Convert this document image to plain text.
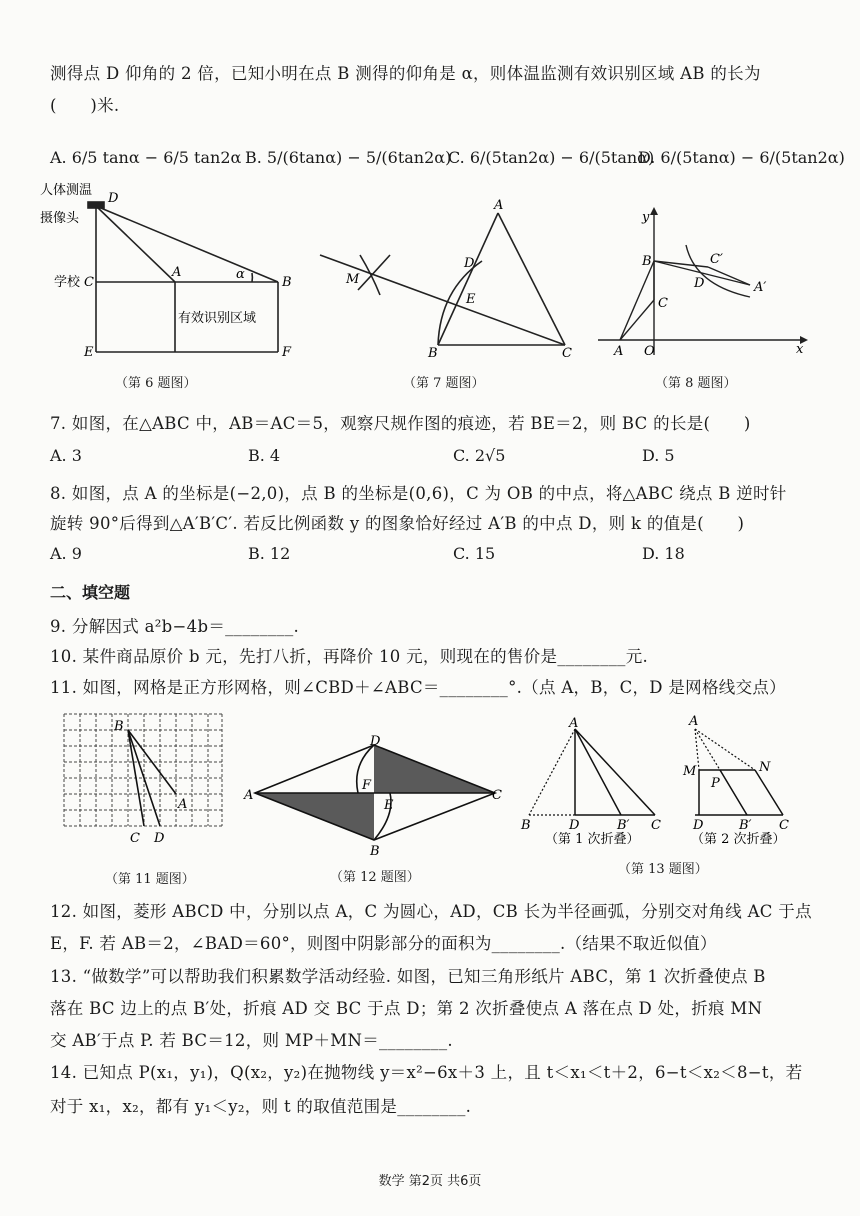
测得点 D 仰角的 2 倍，已知小明在点 B 测得的仰角是 α，则体温监测有效识别区域 AB 的长为
(　　)米.
A. 6/5 tanα − 6/5 tan2α B. 5/(6tanα) − 5/(6tan2α)
C. 6/(5tan2α) − 6/(5tanα)
D. 6/(5tanα) − 6/(5tan2α)
人体测温
摄像头
学校
D
C
A
B
E	F
α
有效识别区域
（第 6 题图）
A
B	C
D
E
M
（第 7 题图）
y
x
B
C
C′
D	A′
A O
（第 8 题图）
7. 如图，在△ABC 中，AB＝AC＝5，观察尺规作图的痕迹，若 BE＝2，则 BC 的长是(　　)
A. 3	B. 4	C. 2√5	D. 5
8. 如图，点 A 的坐标是(−2,0)，点 B 的坐标是(0,6)，C 为 OB 的中点，将△ABC 绕点 B 逆时针
旋转 90°后得到△A′B′C′. 若反比例函数 y 的图象恰好经过 A′B 的中点 D，则 k 的值是(　　)
A. 9	B. 12	C. 15	D. 18
二、填空题
9. 分解因式 a²b−4b＝________.
10. 某件商品原价 b 元，先打八折，再降价 10 元，则现在的售价是________元.
11. 如图，网格是正方形网格，则∠CBD＋∠ABC＝________°.（点 A，B，C，D 是网格线交点）
B
A
C D
（第 11 题图）
A
B
C
D
E
F
（第 12 题图）
A
B	D	B′ C
A
M	N
P
D	B′ C
（第 1 次折叠）	（第 2 次折叠）
（第 13 题图）
12. 如图，菱形 ABCD 中，分别以点 A，C 为圆心，AD，CB 长为半径画弧，分别交对角线 AC 于点
E，F. 若 AB＝2，∠BAD＝60°，则图中阴影部分的面积为________.（结果不取近似值）
13. “做数学”可以帮助我们积累数学活动经验. 如图，已知三角形纸片 ABC，第 1 次折叠使点 B
落在 BC 边上的点 B′处，折痕 AD 交 BC 于点 D；第 2 次折叠使点 A 落在点 D 处，折痕 MN
交 AB′于点 P. 若 BC＝12，则 MP＋MN＝________.
14. 已知点 P(x₁，y₁)，Q(x₂，y₂)在抛物线 y＝x²−6x＋3 上，且 t＜x₁＜t＋2，6−t＜x₂＜8−t，若
对于 x₁，x₂，都有 y₁＜y₂，则 t 的取值范围是________.
数学 第2页 共6页
